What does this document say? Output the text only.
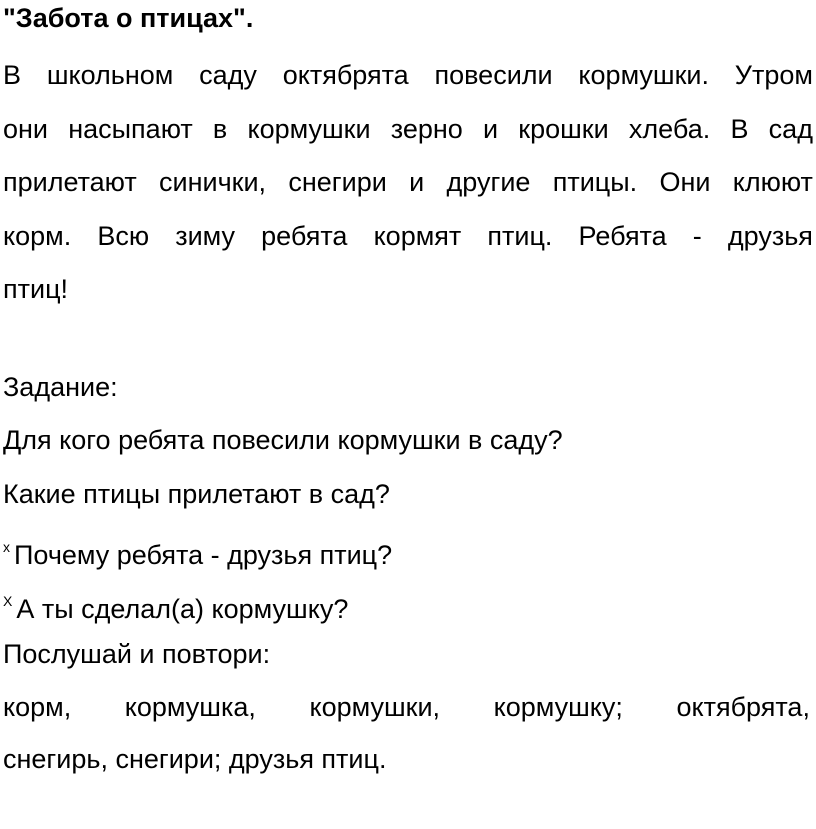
"Забота о птицах".
В школьном саду октябрята повесили кормушки. Утром
они насыпают в кормушки зерно и крошки хлеба. В сад
прилетают синички, снегири и другие птицы. Они клюют
корм. Всю зиму ребята кормят птиц. Ребята - друзья
птиц!
Задание:
Для кого ребята повесили кормушки в саду?
Какие птицы прилетают в сад?
$^х$ Почему ребята - друзья птиц?
$^Х$ А ты сделал(а) кормушку?
Послушай и повтори:
корм, кормушка, кормушки, кормушку; октябрята,
снегирь, снегири; друзья птиц.
